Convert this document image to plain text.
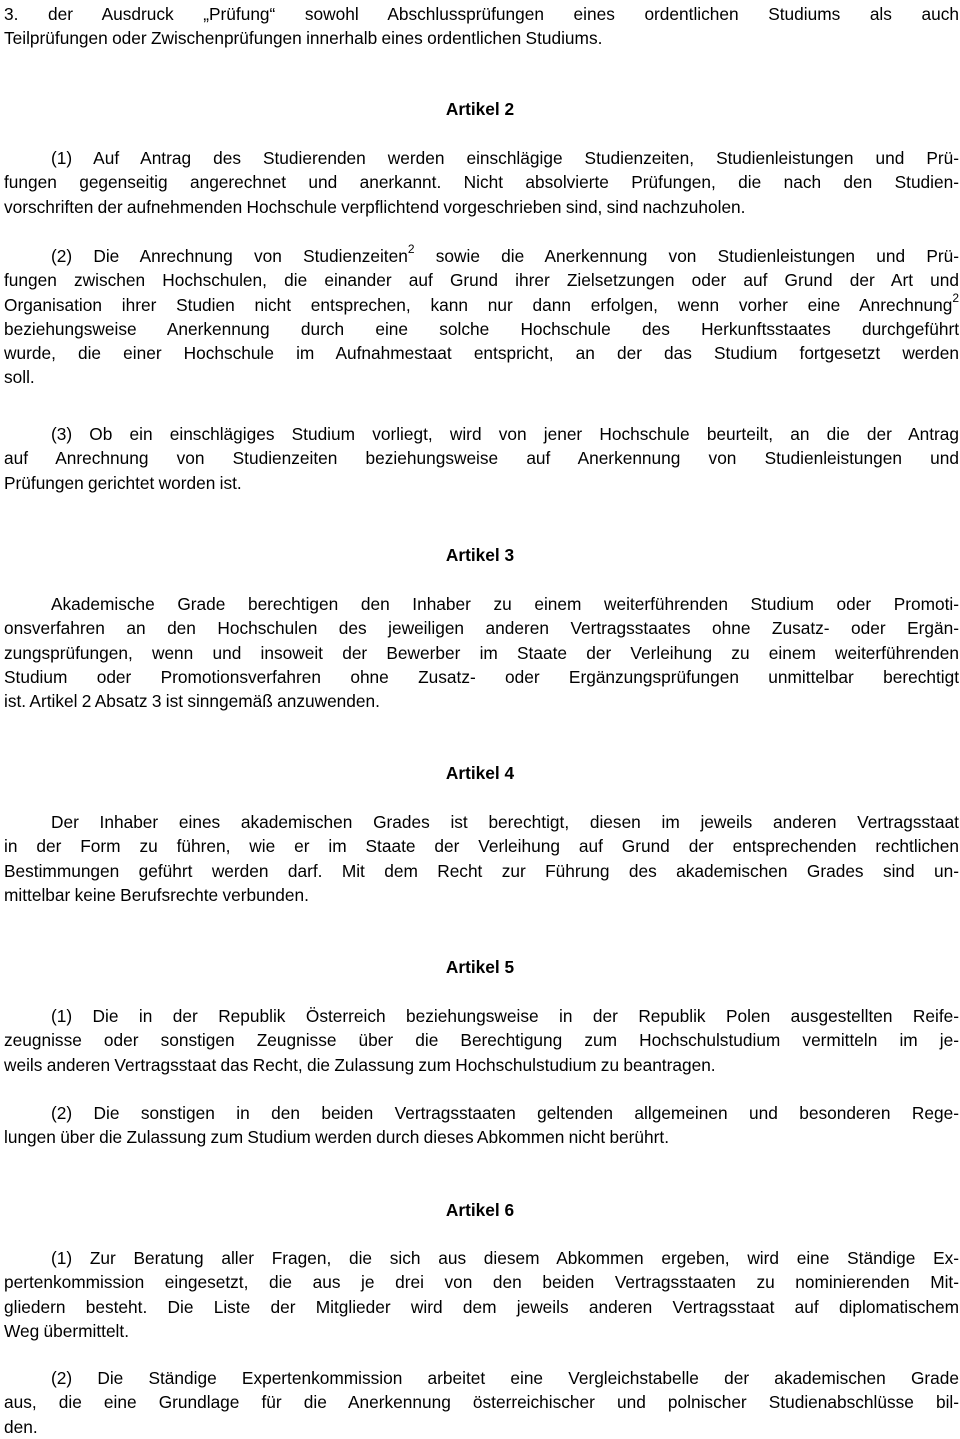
3. der Ausdruck „Prüfung“ sowohl Abschlussprüfungen eines ordentlichen Studiums als auch
Teilprüfungen oder Zwischenprüfungen innerhalb eines ordentlichen Studiums.
Artikel 2
(1) Auf Antrag des Studierenden werden einschlägige Studienzeiten, Studienleistungen und Prü-
fungen gegenseitig angerechnet und anerkannt. Nicht absolvierte Prüfungen, die nach den Studien-
vorschriften der aufnehmenden Hochschule verpflichtend vorgeschrieben sind, sind nachzuholen.
(2) Die Anrechnung von Studienzeiten$^2$ sowie die Anerkennung von Studienleistungen und Prü-
fungen zwischen Hochschulen, die einander auf Grund ihrer Zielsetzungen oder auf Grund der Art und
Organisation ihrer Studien nicht entsprechen, kann nur dann erfolgen, wenn vorher eine Anrechnung$^2$
beziehungsweise Anerkennung durch eine solche Hochschule des Herkunftsstaates durchgeführt
wurde, die einer Hochschule im Aufnahmestaat entspricht, an der das Studium fortgesetzt werden
soll.
(3) Ob ein einschlägiges Studium vorliegt, wird von jener Hochschule beurteilt, an die der Antrag
auf Anrechnung von Studienzeiten beziehungsweise auf Anerkennung von Studienleistungen und
Prüfungen gerichtet worden ist.
Artikel 3
Akademische Grade berechtigen den Inhaber zu einem weiterführenden Studium oder Promoti-
onsverfahren an den Hochschulen des jeweiligen anderen Vertragsstaates ohne Zusatz- oder Ergän-
zungsprüfungen, wenn und insoweit der Bewerber im Staate der Verleihung zu einem weiterführenden
Studium oder Promotionsverfahren ohne Zusatz- oder Ergänzungsprüfungen unmittelbar berechtigt
ist. Artikel 2 Absatz 3 ist sinngemäß anzuwenden.
Artikel 4
Der Inhaber eines akademischen Grades ist berechtigt, diesen im jeweils anderen Vertragsstaat
in der Form zu führen, wie er im Staate der Verleihung auf Grund der entsprechenden rechtlichen
Bestimmungen geführt werden darf. Mit dem Recht zur Führung des akademischen Grades sind un-
mittelbar keine Berufsrechte verbunden.
Artikel 5
(1) Die in der Republik Österreich beziehungsweise in der Republik Polen ausgestellten Reife-
zeugnisse oder sonstigen Zeugnisse über die Berechtigung zum Hochschulstudium vermitteln im je-
weils anderen Vertragsstaat das Recht, die Zulassung zum Hochschulstudium zu beantragen.
(2) Die sonstigen in den beiden Vertragsstaaten geltenden allgemeinen und besonderen Rege-
lungen über die Zulassung zum Studium werden durch dieses Abkommen nicht berührt.
Artikel 6
(1) Zur Beratung aller Fragen, die sich aus diesem Abkommen ergeben, wird eine Ständige Ex-
pertenkommission eingesetzt, die aus je drei von den beiden Vertragsstaaten zu nominierenden Mit-
gliedern besteht. Die Liste der Mitglieder wird dem jeweils anderen Vertragsstaat auf diplomatischem
Weg übermittelt.
(2) Die Ständige Expertenkommission arbeitet eine Vergleichstabelle der akademischen Grade
aus, die eine Grundlage für die Anerkennung österreichischer und polnischer Studienabschlüsse bil-
den.
